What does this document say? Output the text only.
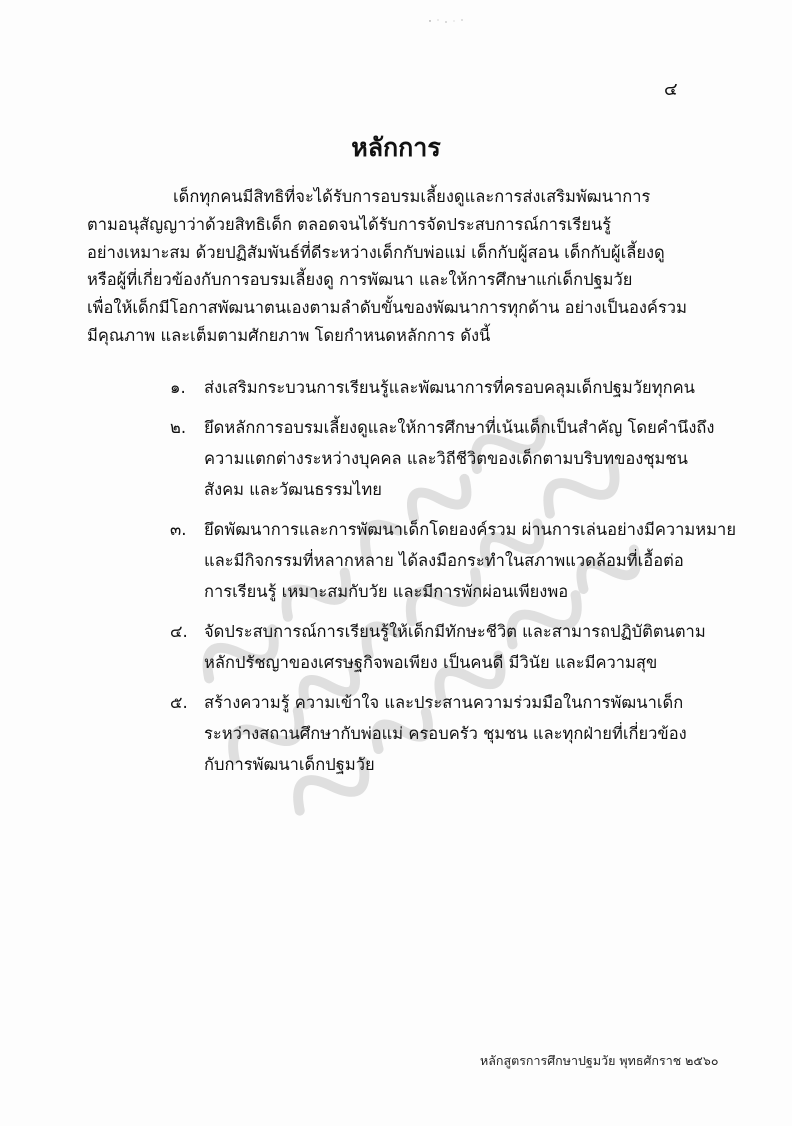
๔
หลักการ
เด็กทุกคนมีสิทธิที่จะได้รับการอบรมเลี้ยงดูและการส่งเสริมพัฒนาการ
ตามอนุสัญญาว่าด้วยสิทธิเด็ก ตลอดจนได้รับการจัดประสบการณ์การเรียนรู้
อย่างเหมาะสม ด้วยปฏิสัมพันธ์ที่ดีระหว่างเด็กกับพ่อแม่ เด็กกับผู้สอน เด็กกับผู้เลี้ยงดู
หรือผู้ที่เกี่ยวข้องกับการอบรมเลี้ยงดู การพัฒนา และให้การศึกษาแก่เด็กปฐมวัย
เพื่อให้เด็กมีโอกาสพัฒนาตนเองตามลำดับขั้นของพัฒนาการทุกด้าน อย่างเป็นองค์รวม
มีคุณภาพ และเต็มตามศักยภาพ โดยกำหนดหลักการ ดังนี้
๑.	ส่งเสริมกระบวนการเรียนรู้และพัฒนาการที่ครอบคลุมเด็กปฐมวัยทุกคน
๒.	ยึดหลักการอบรมเลี้ยงดูและให้การศึกษาที่เน้นเด็กเป็นสำคัญ โดยคำนึงถึง
ความแตกต่างระหว่างบุคคล และวิถีชีวิตของเด็กตามบริบทของชุมชน
สังคม และวัฒนธรรมไทย
๓.	ยึดพัฒนาการและการพัฒนาเด็กโดยองค์รวม ผ่านการเล่นอย่างมีความหมาย
และมีกิจกรรมที่หลากหลาย ได้ลงมือกระทำในสภาพแวดล้อมที่เอื้อต่อ
การเรียนรู้ เหมาะสมกับวัย และมีการพักผ่อนเพียงพอ
๔. จัดประสบการณ์การเรียนรู้ให้เด็กมีทักษะชีวิต และสามารถปฏิบัติตนตาม
หลักปรัชญาของเศรษฐกิจพอเพียง เป็นคนดี มีวินัย และมีความสุข
๕. สร้างความรู้ ความเข้าใจ และประสานความร่วมมือในการพัฒนาเด็ก
ระหว่างสถานศึกษากับพ่อแม่ ครอบครัว ชุมชน และทุกฝ่ายที่เกี่ยวข้อง
กับการพัฒนาเด็กปฐมวัย
หลักสูตรการศึกษาปฐมวัย พุทธศักราช ๒๕๖๐
